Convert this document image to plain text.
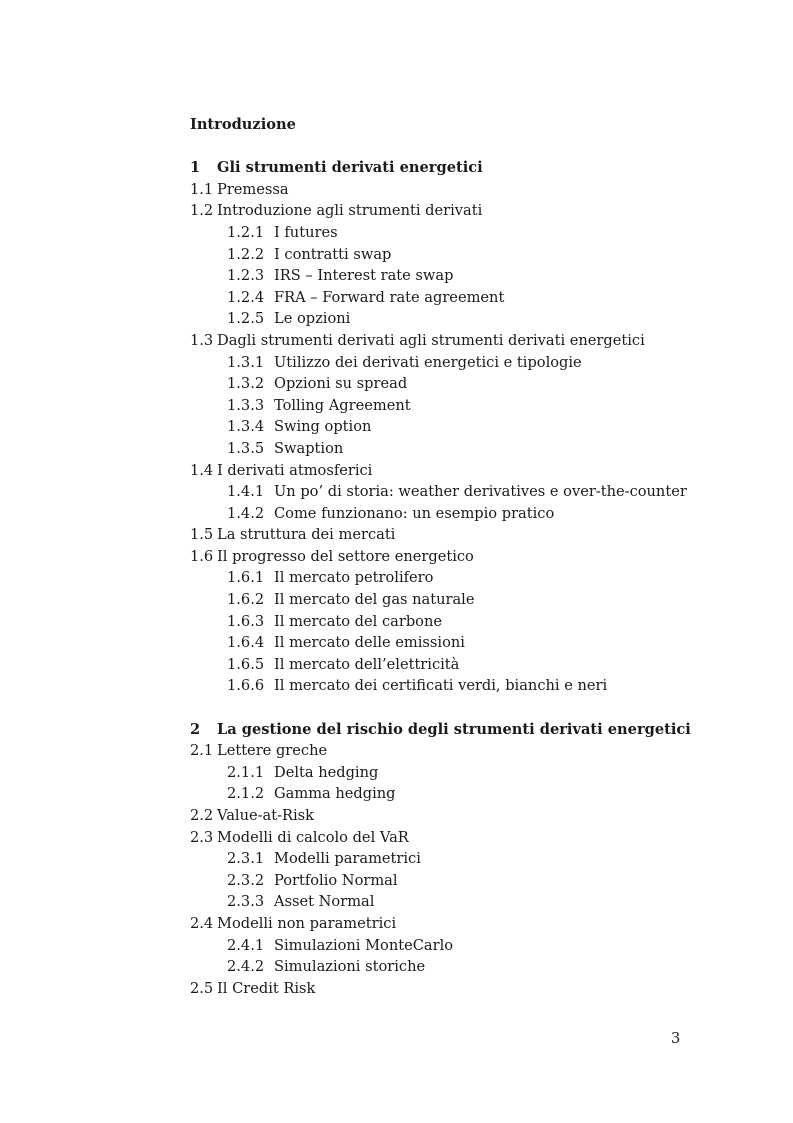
Introduzione
1 Gli strumenti derivati energetici
1.1 Premessa
1.2 Introduzione agli strumenti derivati
1.2.1 I futures
1.2.2 I contratti swap
1.2.3 IRS – Interest rate swap
1.2.4 FRA – Forward rate agreement
1.2.5 Le opzioni
1.3 Dagli strumenti derivati agli strumenti derivati energetici
1.3.1 Utilizzo dei derivati energetici e tipologie
1.3.2 Opzioni su spread
1.3.3 Tolling Agreement
1.3.4 Swing option
1.3.5 Swaption
1.4 I derivati atmosferici
1.4.1 Un po’ di storia: weather derivatives e over-the-counter
1.4.2 Come funzionano: un esempio pratico
1.5 La struttura dei mercati
1.6 Il progresso del settore energetico
1.6.1 Il mercato petrolifero
1.6.2 Il mercato del gas naturale
1.6.3 Il mercato del carbone
1.6.4 Il mercato delle emissioni
1.6.5 Il mercato dell’elettricità
1.6.6 Il mercato dei certificati verdi, bianchi e neri
2 La gestione del rischio degli strumenti derivati energetici
2.1 Lettere greche
2.1.1 Delta hedging
2.1.2 Gamma hedging
2.2 Value-at-Risk
2.3 Modelli di calcolo del VaR
2.3.1 Modelli parametrici
2.3.2 Portfolio Normal
2.3.3 Asset Normal
2.4 Modelli non parametrici
2.4.1 Simulazioni MonteCarlo
2.4.2 Simulazioni storiche
2.5 Il Credit Risk
3
